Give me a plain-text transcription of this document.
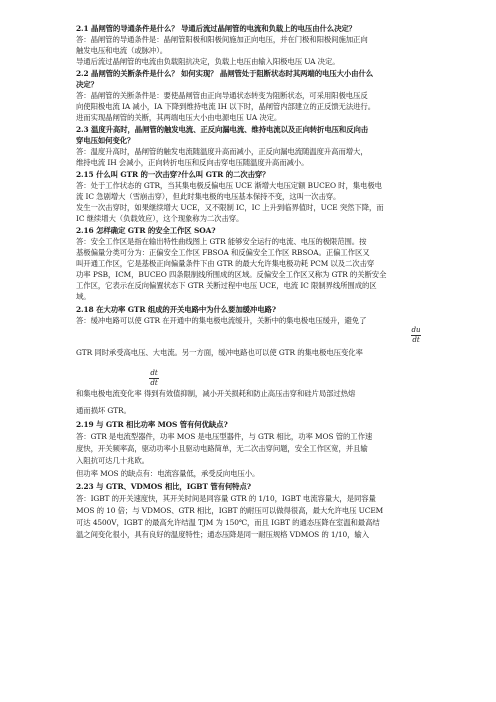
2.1 晶闸管的导通条件是什么？ 导通后流过晶闸管的电流和负载上的电压由什么决定？
答：晶闸管的导通条件是：晶闸管阳极和阳极间施加正向电压，并在门极和阳极间施加正向
触发电压和电流（或脉冲）。
导通后流过晶闸管的电流由负载阻抗决定，负载上电压由输入阳极电压 UA 决定。
2.2 晶闸管的关断条件是什么？ 如何实现？ 晶闸管处于阻断状态时其两端的电压大小由什么
决定？
答：晶闸管的关断条件是：要使晶闸管由正向导通状态转变为阻断状态，可采用阳极电压反
向使阳极电流 IA 减小，IA 下降到维持电流 IH 以下时，晶闸管内部建立的正反馈无法进行。
进而实现晶闸管的关断，其两端电压大小由电源电压 UA 决定。
2.3 温度升高时，晶闸管的触发电流、正反向漏电流、维持电流以及正向转折电压和反向击
穿电压如何变化？
答：温度升高时，晶闸管的触发电流随温度升高而减小，正反向漏电流随温度升高而增大，
维持电流 IH 会减小，正向转折电压和反向击穿电压随温度升高而减小。
2.15 什么叫 GTR 的一次击穿?什么叫 GTR 的二次击穿？
答：处于工作状态的 GTR，当其集电极反偏电压 UCE 渐增大电压定额 BUCEO 时，集电极电
流 IC 急剧增大（雪崩击穿），但此时集电极的电压基本保持不变，这叫一次击穿。
发生一次击穿时，如果继续增大 UCE，又不限制 IC，IC 上升到临界值时，UCE 突然下降，而
IC 继续增大（负载效应），这个现象称为二次击穿。
2.16 怎样确定 GTR 的安全工作区 SOA?
答：安全工作区是指在输出特性曲线图上 GTR 能够安全运行的电流、电压的极限范围。按
基极偏量分类可分为：正偏安全工作区 FBSOA 和反偏安全工作区 RBSOA。正偏工作区又
叫开通工作区，它是基极正向偏量条件下由 GTR 的最大允许集电极功耗 PCM 以及二次击穿
功率 PSB，ICM，BUCEO 四条限制线所围成的区域。反偏安全工作区又称为 GTR 的关断安全
工作区，它表示在反向偏置状态下 GTR 关断过程中电压 UCE，电流 IC 限制界线所围成的区
域。
2.18 在大功率 GTR 组成的开关电路中为什么要加缓冲电路?
答：缓冲电路可以使 GTR 在开通中的集电极电流缓升，关断中的集电极电压缓升，避免了
du
dt
GTR 同时承受高电压、大电流。另一方面，缓冲电路也可以使 GTR 的集电极电压变化率
dt
dt
和集电极电流变化率 得到有效值抑制，减小开关损耗和防止高压击穿和硅片局部过热熔
通而损坏 GTR。
2.19 与 GTR 相比功率 MOS 管有何优缺点?
答：GTR 是电流型器件，功率 MOS 是电压型器件，与 GTR 相比，功率 MOS 管的工作速
度快，开关频率高，驱动功率小且驱动电路简单，无二次击穿问题，安全工作区宽，并且输
入阻抗可达几十兆欧。
但功率 MOS 的缺点有：电流容量低，承受反向电压小。
2.23 与 GTR、VDMOS 相比，IGBT 管有何特点?
答：IGBT 的开关速度快，其开关时间是同容量 GTR 的 1/10，IGBT 电流容量大，是同容量
MOS 的 10 倍；与 VDMOS、GTR 相比，IGBT 的耐压可以做得很高，最大允许电压 UCEM
可达 4500V，IGBT 的最高允许结温 TJM 为 150℃，而且 IGBT 的通态压降在室温和最高结
温之间变化很小，具有良好的温度特性；通态压降是同一耐压规格 VDMOS 的 1/10，输入
